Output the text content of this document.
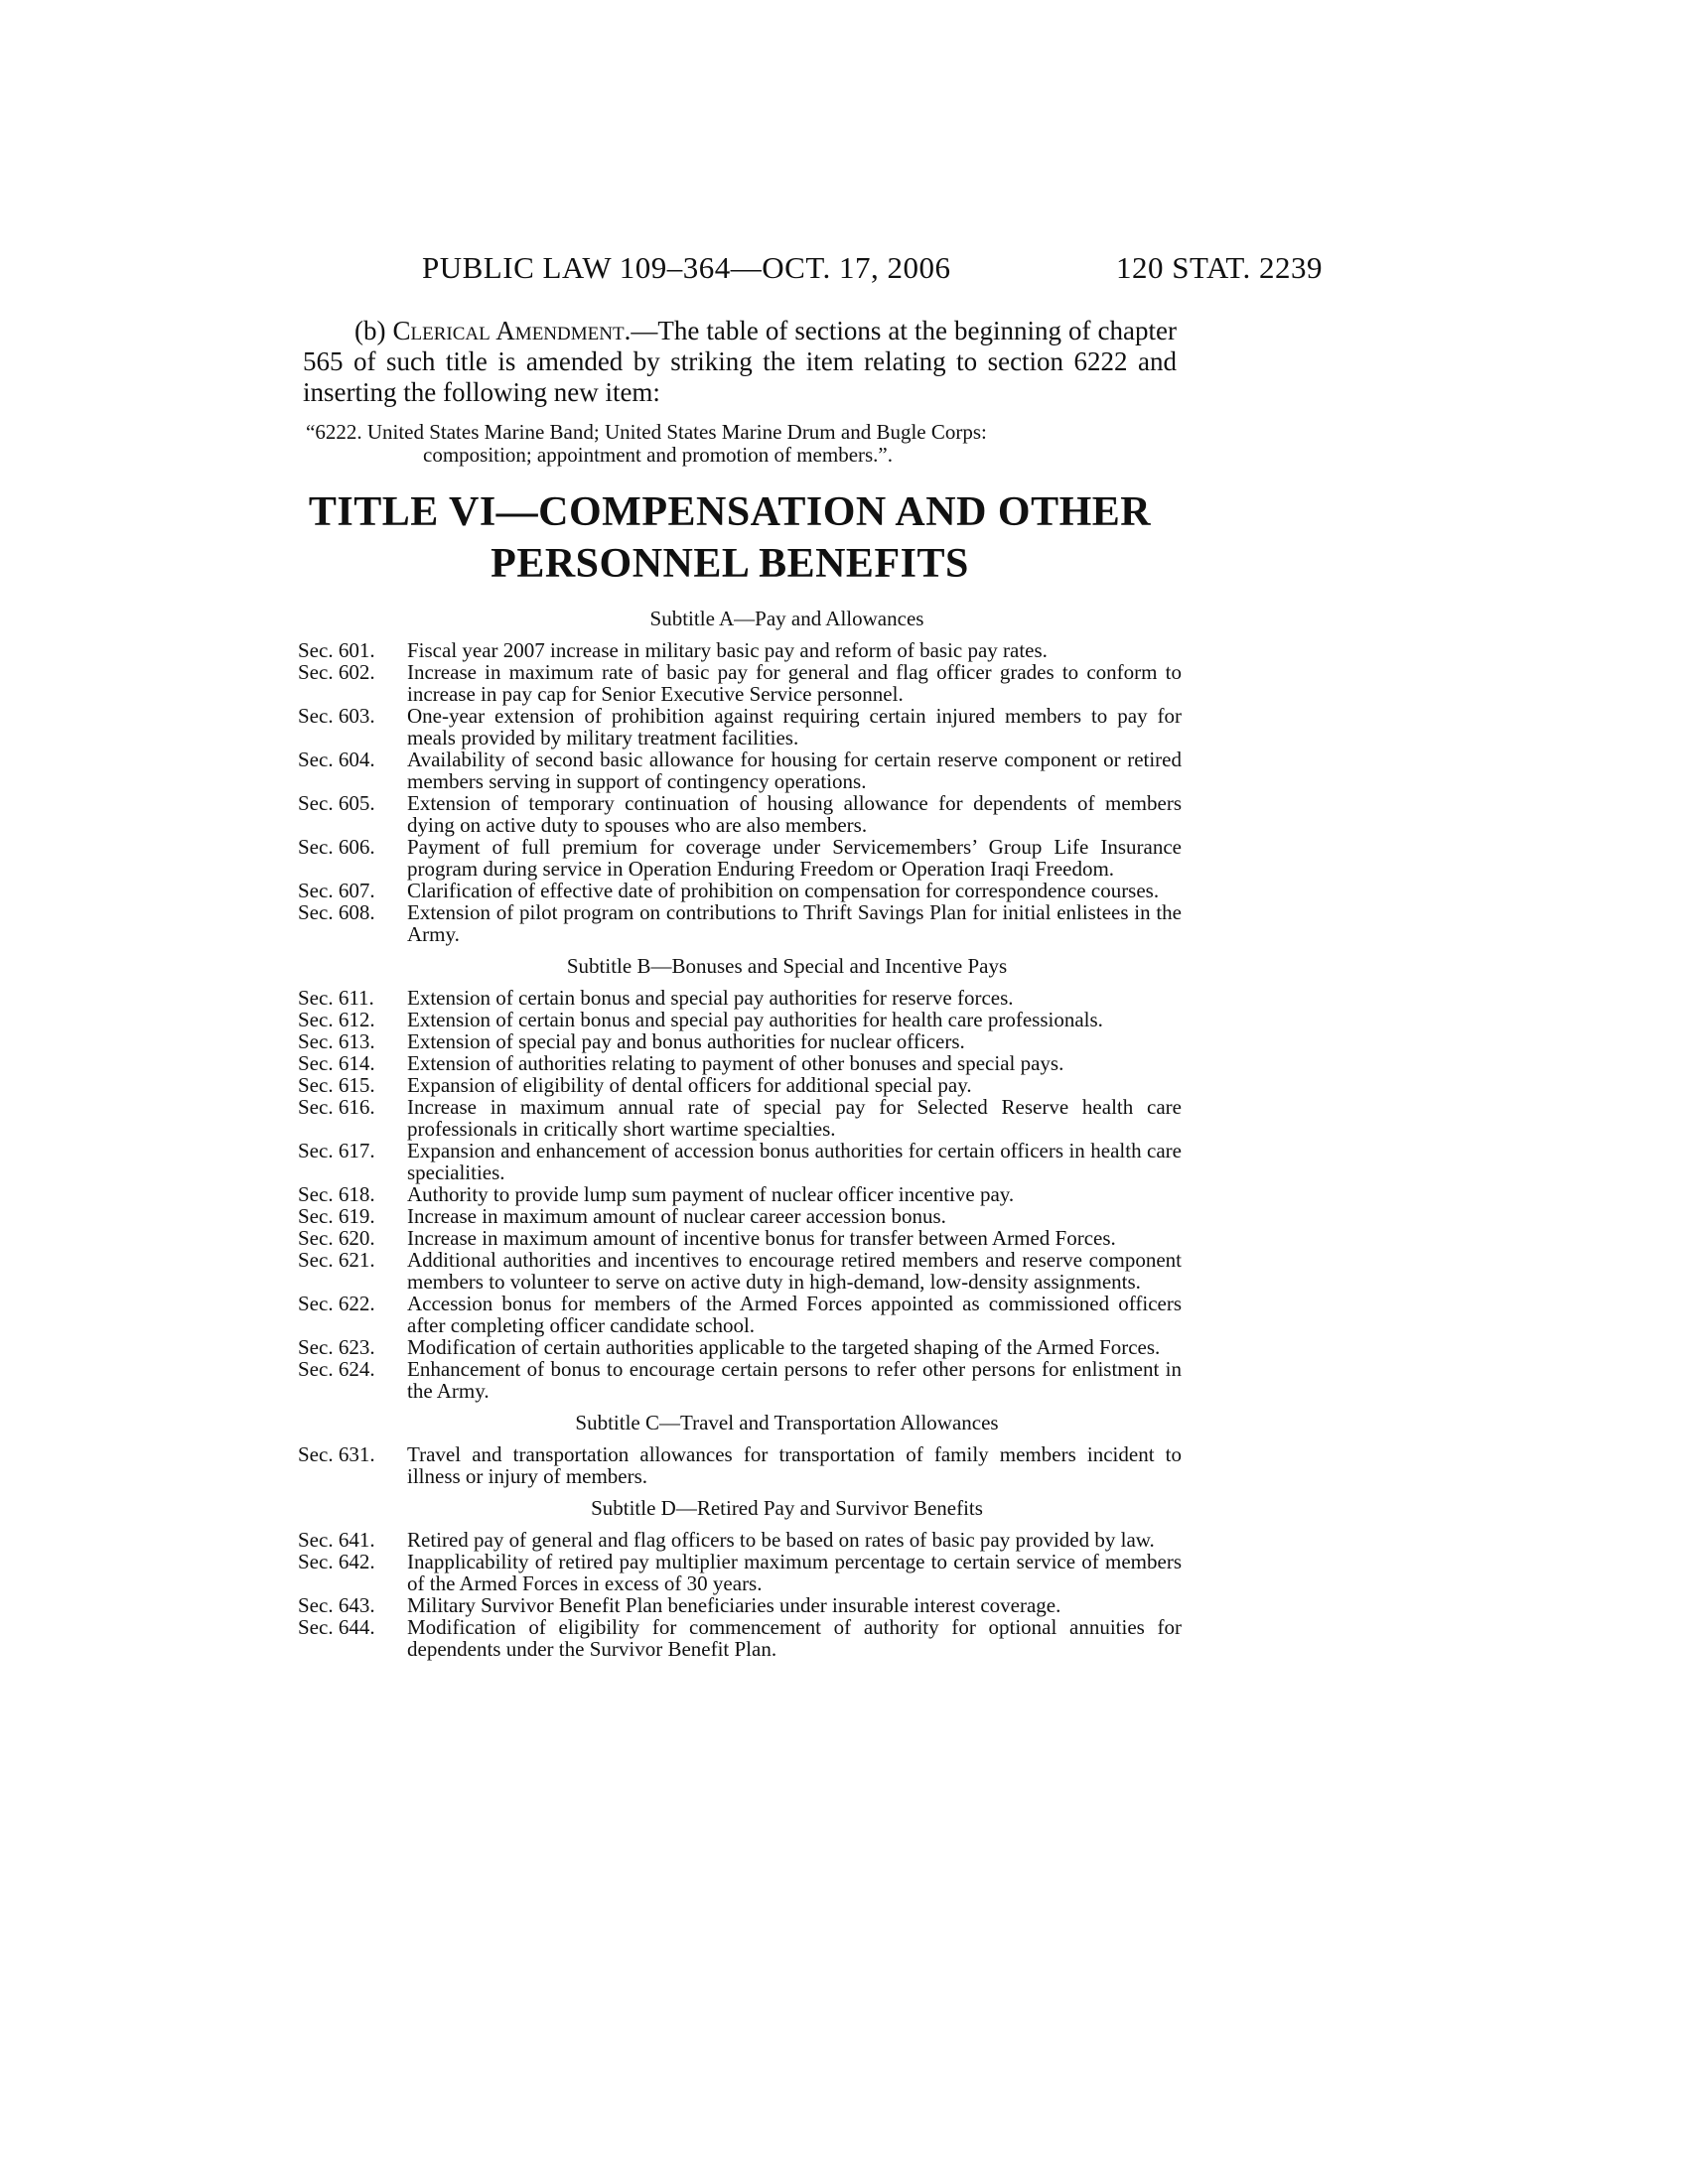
PUBLIC LAW 109–364—OCT. 17, 2006	120 STAT. 2239
(b) Clerical Amendment.—The table of sections at the beginning of chapter 565 of such title is amended by striking the item relating to section 6222 and inserting the following new item:
“6222. United States Marine Band; United States Marine Drum and Bugle Corps:
composition; appointment and promotion of members.”.
TITLE VI—COMPENSATION AND OTHER
PERSONNEL BENEFITS
Subtitle A—Pay and Allowances
Sec. 601.	Fiscal year 2007 increase in military basic pay and reform of basic pay rates.
Sec. 602.	Increase in maximum rate of basic pay for general and flag officer grades to conform to increase in pay cap for Senior Executive Service personnel.
Sec. 603.	One-year extension of prohibition against requiring certain injured members to pay for meals provided by military treatment facilities.
Sec. 604.	Availability of second basic allowance for housing for certain reserve component or retired members serving in support of contingency operations.
Sec. 605.	Extension of temporary continuation of housing allowance for dependents of members dying on active duty to spouses who are also members.
Sec. 606.	Payment of full premium for coverage under Servicemembers’ Group Life Insurance program during service in Operation Enduring Freedom or Operation Iraqi Freedom.
Sec. 607.	Clarification of effective date of prohibition on compensation for correspondence courses.
Sec. 608.	Extension of pilot program on contributions to Thrift Savings Plan for initial enlistees in the Army.
Subtitle B—Bonuses and Special and Incentive Pays
Sec. 611.	Extension of certain bonus and special pay authorities for reserve forces.
Sec. 612.	Extension of certain bonus and special pay authorities for health care professionals.
Sec. 613.	Extension of special pay and bonus authorities for nuclear officers.
Sec. 614.	Extension of authorities relating to payment of other bonuses and special pays.
Sec. 615.	Expansion of eligibility of dental officers for additional special pay.
Sec. 616.	Increase in maximum annual rate of special pay for Selected Reserve health care professionals in critically short wartime specialties.
Sec. 617.	Expansion and enhancement of accession bonus authorities for certain officers in health care specialities.
Sec. 618.	Authority to provide lump sum payment of nuclear officer incentive pay.
Sec. 619.	Increase in maximum amount of nuclear career accession bonus.
Sec. 620.	Increase in maximum amount of incentive bonus for transfer between Armed Forces.
Sec. 621.	Additional authorities and incentives to encourage retired members and reserve component members to volunteer to serve on active duty in high-demand, low-density assignments.
Sec. 622.	Accession bonus for members of the Armed Forces appointed as commissioned officers after completing officer candidate school.
Sec. 623.	Modification of certain authorities applicable to the targeted shaping of the Armed Forces.
Sec. 624.	Enhancement of bonus to encourage certain persons to refer other persons for enlistment in the Army.
Subtitle C—Travel and Transportation Allowances
Sec. 631.	Travel and transportation allowances for transportation of family members incident to illness or injury of members.
Subtitle D—Retired Pay and Survivor Benefits
Sec. 641.	Retired pay of general and flag officers to be based on rates of basic pay provided by law.
Sec. 642.	Inapplicability of retired pay multiplier maximum percentage to certain service of members of the Armed Forces in excess of 30 years.
Sec. 643.	Military Survivor Benefit Plan beneficiaries under insurable interest coverage.
Sec. 644.	Modification of eligibility for commencement of authority for optional annuities for dependents under the Survivor Benefit Plan.
